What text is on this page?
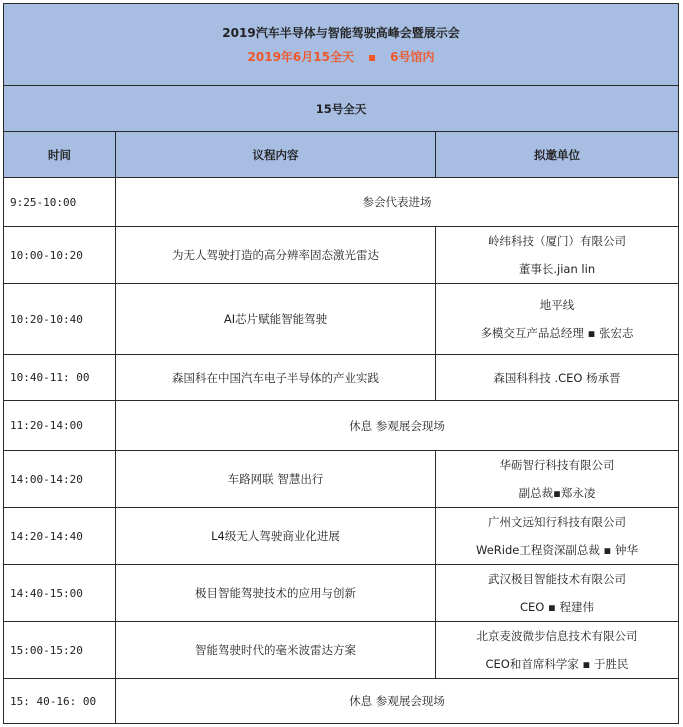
2019汽车半导体与智能驾驶高峰会暨展示会
2019年6月15全天 ▪ 6号馆内		

15号全天		
时间	议程内容	拟邀单位
9:25-10:00	参会代表进场	
10:00-10:20	为无人驾驶打造的高分辨率固态激光雷达	岭纬科技（厦门）有限公司
董事长.jian lin

10:20-10:40	AI芯片赋能智能驾驶	地平线
多模交互产品总经理 ▪ 张宏志

10:40-11: 00	森国科在中国汽车电子半导体的产业实践	森国科科技 .CEO 杨承晋

11:20-14:00	休息 参观展会现场	
14:00-14:20	车路网联 智慧出行	华砺智行科技有限公司
副总裁▪郑永凌

14:20-14:40	L4级无人驾驶商业化进展	广州文远知行科技有限公司
WeRide工程资深副总裁 ▪ 钟华

14:40-15:00	极目智能驾驶技术的应用与创新	武汉极目智能技术有限公司
CEO ▪ 程建伟

15:00-15:20	智能驾驶时代的毫米波雷达方案	北京麦波微步信息技术有限公司
CEO和首席科学家 ▪ 于胜民

15: 40-16: 00	休息 参观展会现场	
